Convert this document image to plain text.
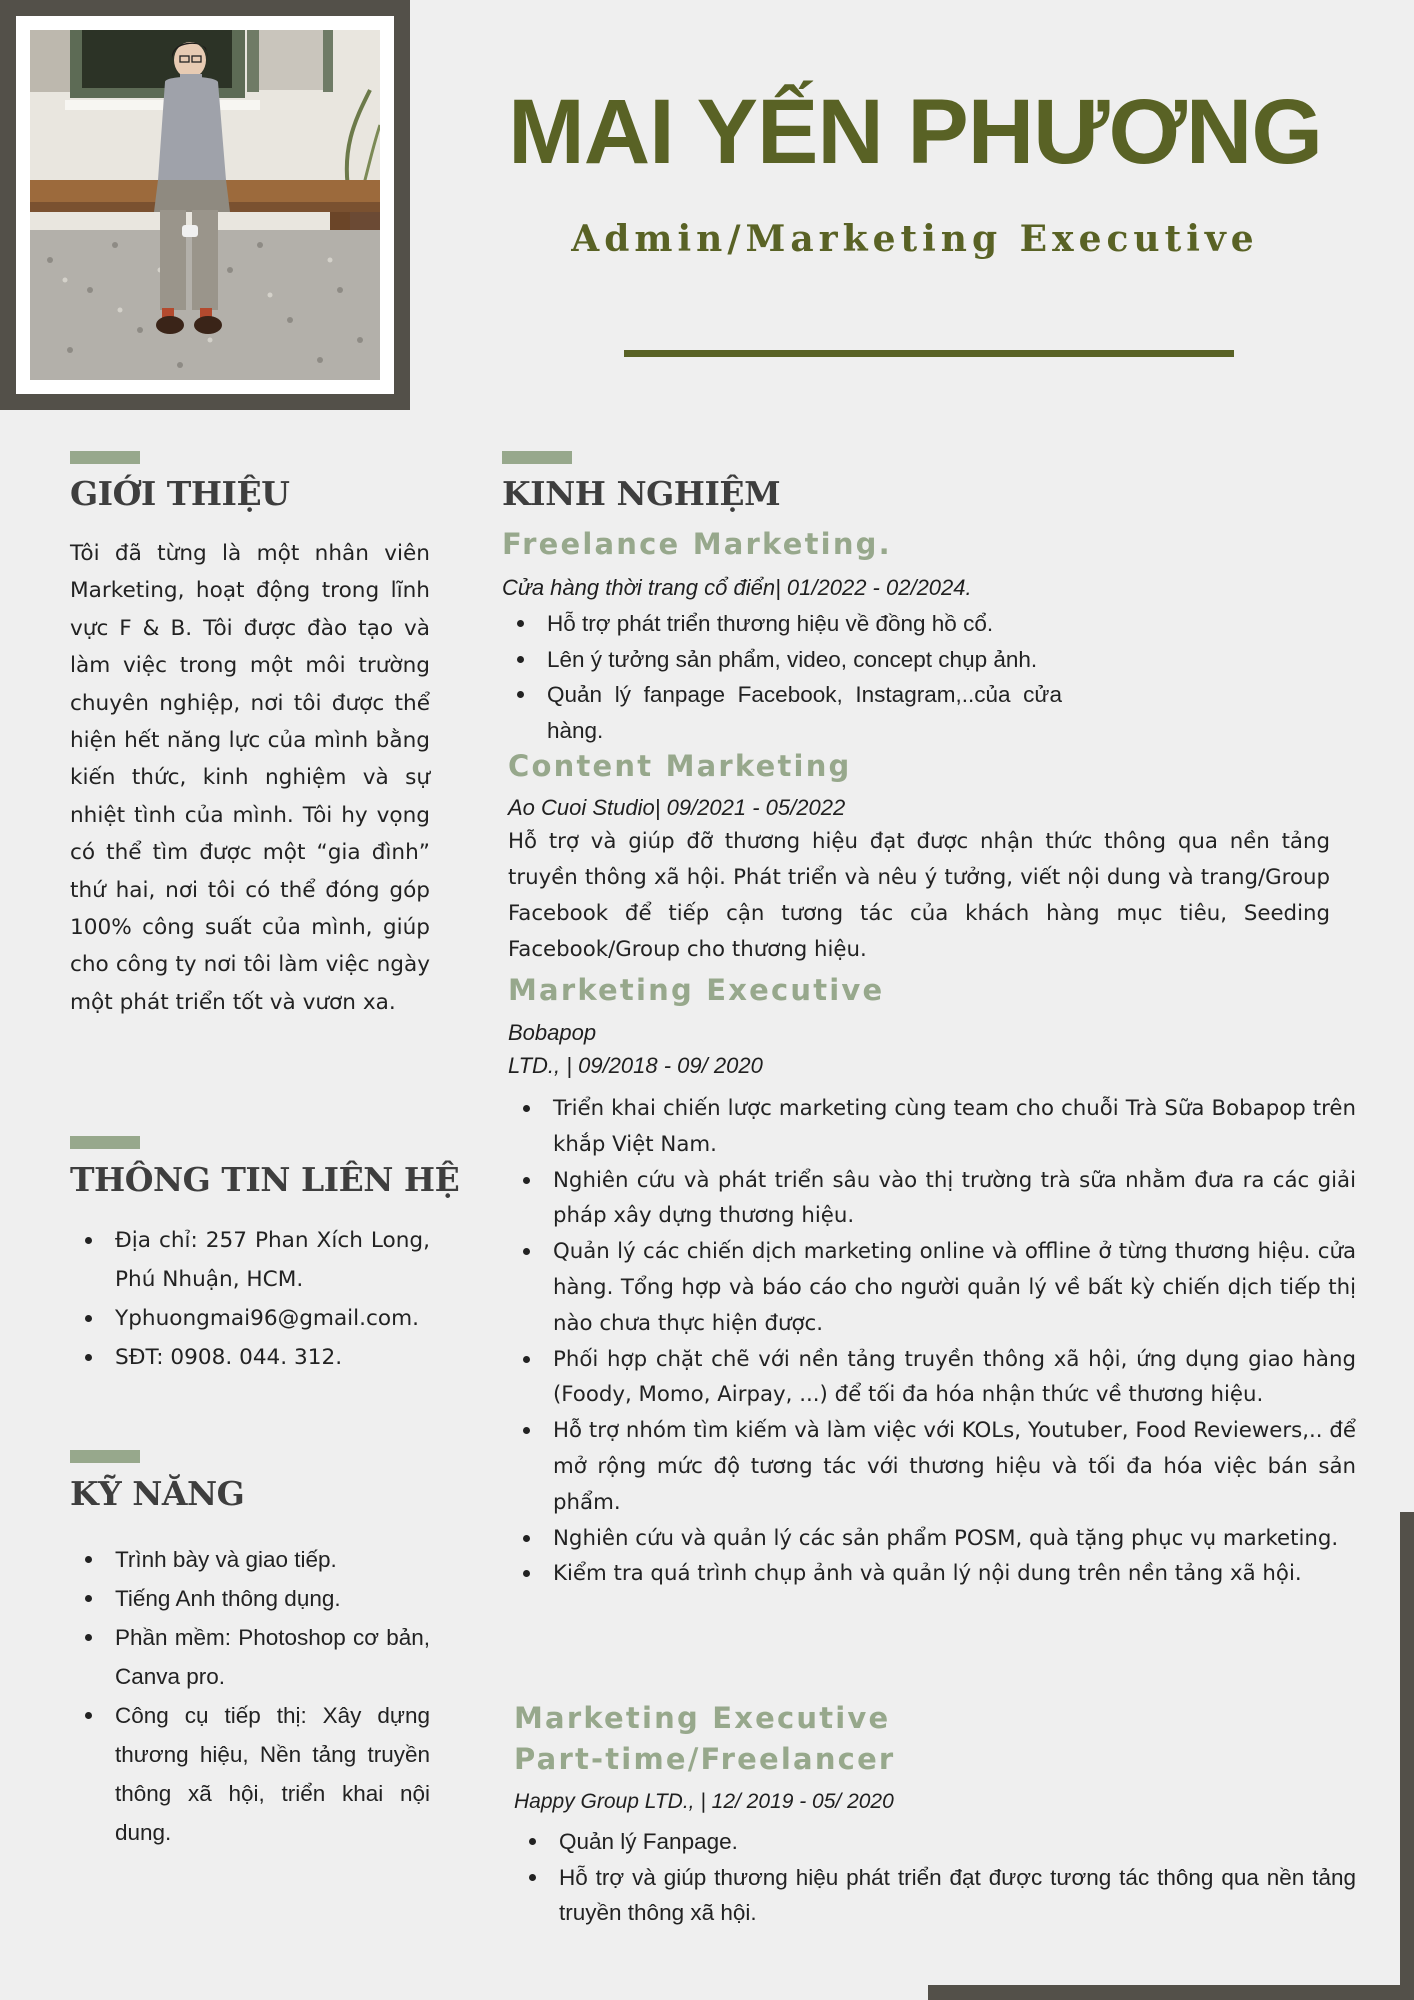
MAI YẾN PHƯƠNG
Admin/Marketing Executive
GIỚI THIỆU

Tôi đã từng là một nhân viên Marketing, hoạt động trong lĩnh vực F & B. Tôi được đào tạo và làm việc trong một môi trường chuyên nghiệp, nơi tôi được thể hiện hết năng lực của mình bằng kiến thức, kinh nghiệm và sự nhiệt tình của mình. Tôi hy vọng có thể tìm được một “gia đình” thứ hai, nơi tôi có thể đóng góp 100% công suất của mình, giúp cho công ty nơi tôi làm việc ngày một phát triển tốt và vươn xa.

THÔNG TIN LIÊN HỆ
Địa chỉ: 257 Phan Xích Long, Phú Nhuận, HCM.
Yphuongmai96@gmail.com.
SĐT: 0908. 044. 312.
KỸ NĂNG
Trình bày và giao tiếp.
Tiếng Anh thông dụng.
Phần mềm: Photoshop cơ bản, Canva pro.
Công cụ tiếp thị: Xây dựng thương hiệu, Nền tảng truyền thông xã hội, triển khai nội dung.
KINH NGHIỆM
Freelance Marketing.
Cửa hàng thời trang cổ điển| 01/2022 - 02/2024.
Hỗ trợ phát triển thương hiệu về đồng hồ cổ.
Lên ý tưởng sản phẩm, video, concept chụp ảnh.
Quản lý fanpage Facebook, Instagram,..của cửa hàng.
Content Marketing
Ao Cuoi Studio| 09/2021 - 05/2022

Hỗ trợ và giúp đỡ thương hiệu đạt được nhận thức thông qua nền tảng truyền thông xã hội. Phát triển và nêu ý tưởng, viết nội dung và trang/Group Facebook để tiếp cận tương tác của khách hàng mục tiêu, Seeding Facebook/Group cho thương hiệu.

Marketing Executive
Bobapop
LTD., | 09/2018 - 09/ 2020
Triển khai chiến lược marketing cùng team cho chuỗi Trà Sữa Bobapop trên khắp Việt Nam.
Nghiên cứu và phát triển sâu vào thị trường trà sữa nhằm đưa ra các giải pháp xây dựng thương hiệu.
Quản lý các chiến dịch marketing online và offline ở từng thương hiệu. cửa hàng. Tổng hợp và báo cáo cho người quản lý về bất kỳ chiến dịch tiếp thị nào chưa thực hiện được.
Phối hợp chặt chẽ với nền tảng truyền thông xã hội, ứng dụng giao hàng (Foody, Momo, Airpay, ...) để tối đa hóa nhận thức về thương hiệu.
Hỗ trợ nhóm tìm kiếm và làm việc với KOLs, Youtuber, Food Reviewers,.. để mở rộng mức độ tương tác với thương hiệu và tối đa hóa việc bán sản phẩm.
Nghiên cứu và quản lý các sản phẩm POSM, quà tặng phục vụ marketing.
Kiểm tra quá trình chụp ảnh và quản lý nội dung trên nền tảng xã hội.
Marketing Executive
Part-time/Freelancer
Happy Group LTD., | 12/ 2019 - 05/ 2020
Quản lý Fanpage.
Hỗ trợ và giúp thương hiệu phát triển đạt được tương tác thông qua nền tảng truyền thông xã hội.
